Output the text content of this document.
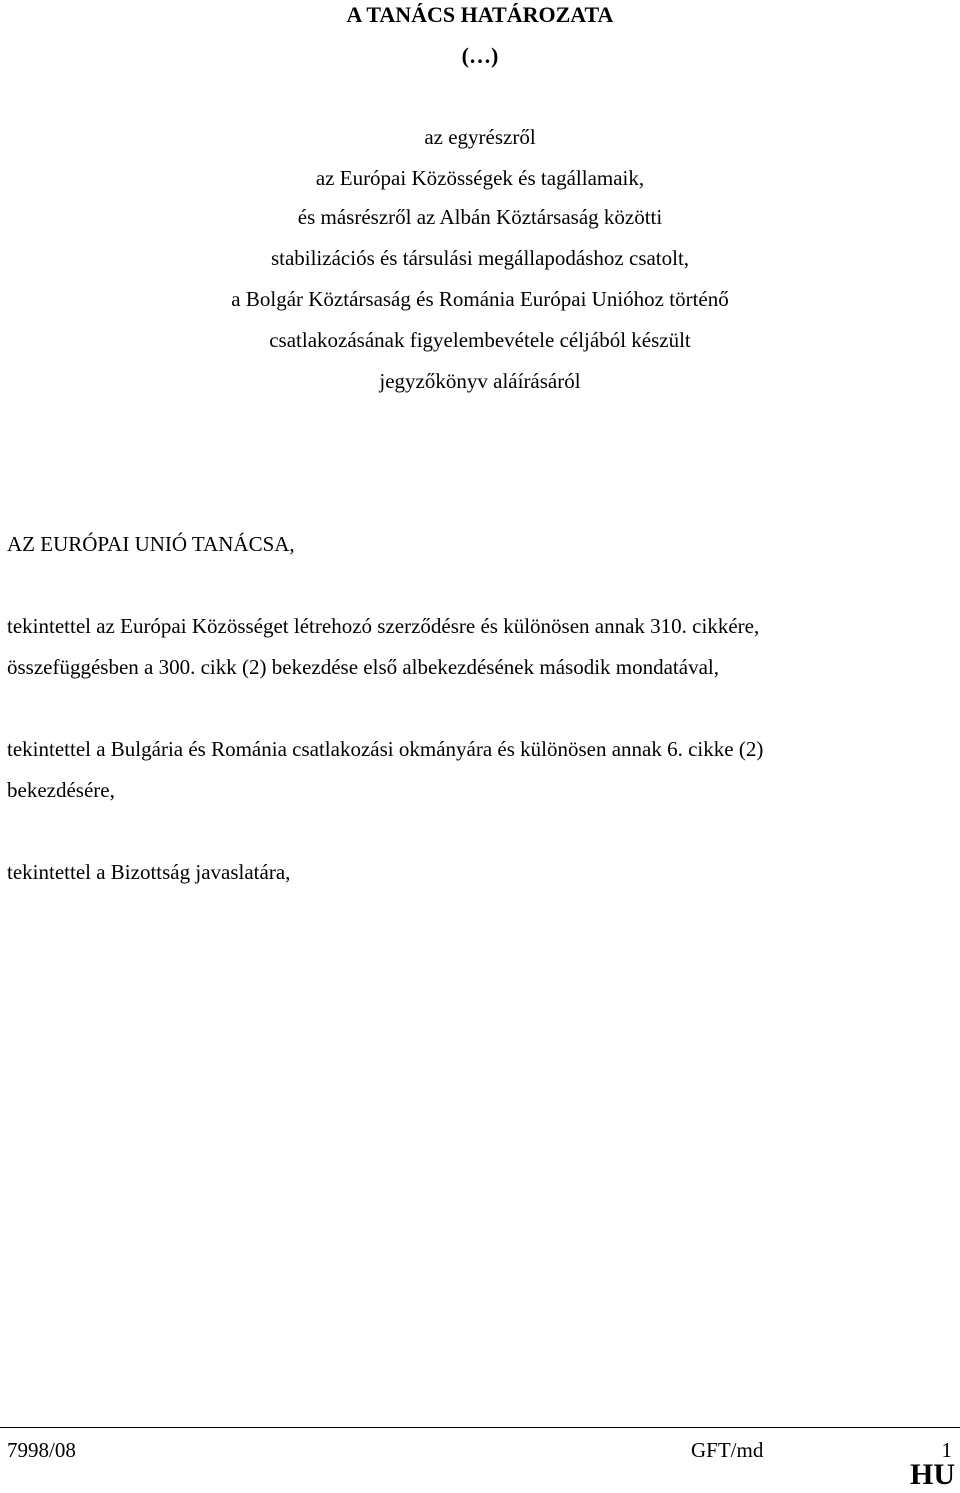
A TANÁCS HATÁROZATA
(…)
az egyrészről
az Európai Közösségek és tagállamaik,
és másrészről az Albán Köztársaság közötti
stabilizációs és társulási megállapodáshoz csatolt,
a Bolgár Köztársaság és Románia Európai Unióhoz történő
csatlakozásának figyelembevétele céljából készült
jegyzőkönyv aláírásáról
AZ EURÓPAI UNIÓ TANÁCSA,
tekintettel az Európai Közösséget létrehozó szerződésre és különösen annak 310. cikkére,
összefüggésben a 300. cikk (2) bekezdése első albekezdésének második mondatával,
tekintettel a Bulgária és Románia csatlakozási okmányára és különösen annak 6. cikke (2)
bekezdésére,
tekintettel a Bizottság javaslatára,
7998/08	GFT/md	1
HU
